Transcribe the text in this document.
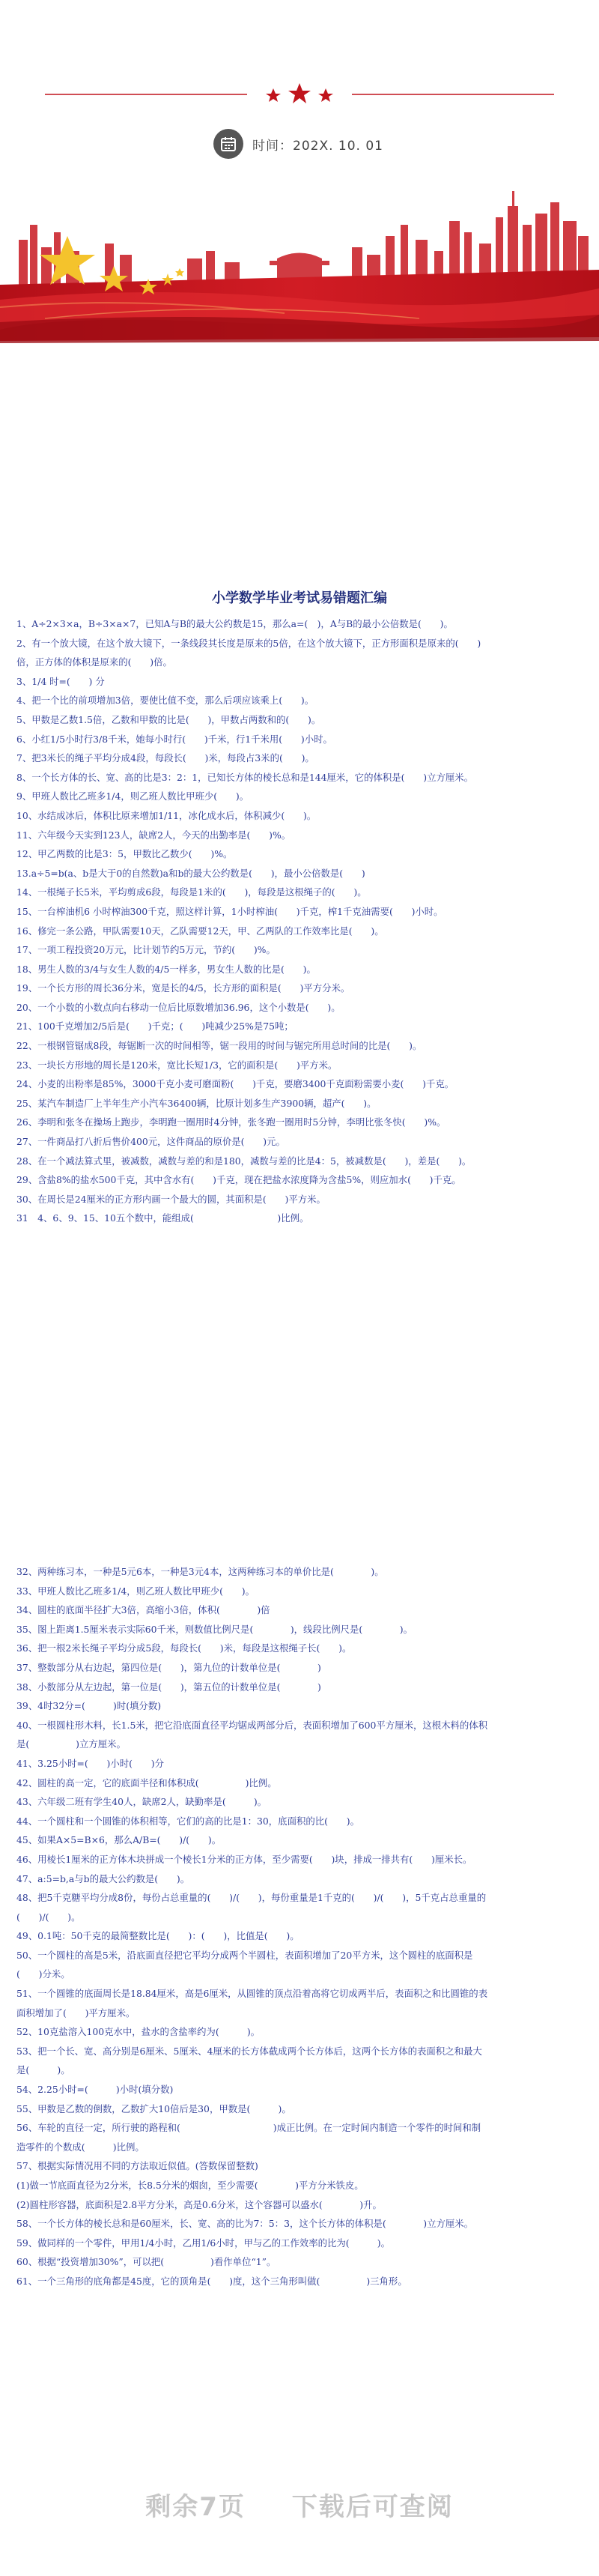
时间：202X. 10. 01
小学数学毕业考试易错题汇编

1、A÷2×3×a，B÷3×a×7，已知A与B的最大公约数是15，那么a=(　)，A与B的最小公倍数是(　　)。

2、有一个放大镜，在这个放大镜下，一条线段其长度是原来的5倍，在这个放大镜下，正方形面积是原来的(　　)倍，正方体的体积是原来的(　　)倍。

3、1/4 时=(　　) 分

4、把一个比的前项增加3倍，要使比值不变，那么后项应该乘上(　　)。

5、甲数是乙数1.5倍，乙数和甲数的比是(　　)，甲数占两数和的(　　)。

6、小红1/5小时行3/8千米，她每小时行(　　)千米，行1千米用(　　)小时。

7、把3米长的绳子平均分成4段，每段长(　　)米，每段占3米的(　　)。

8、一个长方体的长、宽、高的比是3：2：1，已知长方体的棱长总和是144厘米，它的体积是(　　)立方厘米。

9、甲班人数比乙班多1/4，则乙班人数比甲班少(　　)。

10、水结成冰后，体积比原来增加1/11，冰化成水后，体积减少(　　)。

11、六年级今天实到123人，缺席2人，今天的出勤率是(　　)%。

12、甲乙两数的比是3：5，甲数比乙数少(　　)%。

13.a÷5=b(a、b是大于0的自然数)a和b的最大公约数是(　　)，最小公倍数是(　　)

14、一根绳子长5米，平均剪成6段，每段是1米的(　　)，每段是这根绳子的(　　)。

15、一台榨油机6 小时榨油300千克，照这样计算，1小时榨油(　　)千克，榨1千克油需要(　　)小时。

16、修完一条公路，甲队需要10天，乙队需要12天，甲、乙两队的工作效率比是(　　)。

17、一项工程投资20万元，比计划节约5万元，节约(　　)%。

18、男生人数的3/4与女生人数的4/5一样多，男女生人数的比是(　　)。

19、一个长方形的周长36分米，宽是长的4/5，长方形的面积是(　　)平方分米。

20、一个小数的小数点向右移动一位后比原数增加36.96，这个小数是(　　)。

21、100千克增加2/5后是(　　)千克；(　　)吨减少25%是75吨；

22、一根钢管锯成8段，每锯断一次的时间相等，锯一段用的时间与锯完所用总时间的比是(　　)。

23、一块长方形地的周长是120米，宽比长短1/3，它的面积是(　　)平方米。

24、小麦的出粉率是85%，3000千克小麦可磨面粉(　　)千克，要磨3400千克面粉需要小麦(　　)千克。

25、某汽车制造厂上半年生产小汽车36400辆，比原计划多生产3900辆，超产(　　)。

26、李明和张冬在操场上跑步，李明跑一圈用时4分钟，张冬跑一圈用时5分钟，李明比张冬快(　　)%。

27、一件商品打八折后售价400元，这件商品的原价是(　　)元。

28、在一个减法算式里，被减数，减数与差的和是180，减数与差的比是4：5，被减数是(　　)，差是(　　)。

29、含盐8%的盐水500千克，其中含水有(　　)千克，现在把盐水浓度降为含盐5%，则应加水(　　)千克。

30、在周长是24厘米的正方形内画一个最大的圆，其面积是(　　)平方米。

31　4、6、9、15、10五个数中，能组成(　　　　　　　　　)比例。

32、两种练习本，一种是5元6本，一种是3元4本，这两种练习本的单价比是(　　　　)。

33、甲班人数比乙班多1/4，则乙班人数比甲班少(　　)。

34、圆柱的底面半径扩大3倍，高缩小3倍，体积(　　　　)倍

35、图上距离1.5厘米表示实际60千米，则数值比例尺是(　　　　)，线段比例尺是(　　　　)。

36、把一根2米长绳子平均分成5段，每段长(　　)米，每段是这根绳子长(　　)。

37、整数部分从右边起，第四位是(　　)，第九位的计数单位是(　　　　)

38、小数部分从左边起，第一位是(　　)，第五位的计数单位是(　　　　)

39、4时32分=(　　　)时(填分数)

40、一根圆柱形木料，长1.5米，把它沿底面直径平均锯成两部分后，表面积增加了600平方厘米，这根木料的体积是(　　　　　)立方厘米。

41、3.25小时=(　　)小时(　　)分

42、圆柱的高一定，它的底面半径和体积成(　　　　　)比例。

43、六年级二班有学生40人，缺席2人，缺勤率是(　　　)。

44、一个圆柱和一个圆锥的体积相等，它们的高的比是1：30，底面积的比(　　)。

45、如果A×5=B×6，那么A/B=(　　)/(　　)。

46、用棱长1厘米的正方体木块拼成一个棱长1分米的正方体，至少需要(　　)块，排成一排共有(　　)厘米长。

47、a:5=b,a与b的最大公约数是(　　)。

48、把5千克糖平均分成8份，每份占总重量的(　　)/(　　)，每份重量是1千克的(　　)/(　　)，5千克占总重量的(　　)/(　　)。

49、0.1吨：50千克的最简整数比是(　　)：(　　)，比值是(　　)。

50、一个圆柱的高是5米，沿底面直径把它平均分成两个半圆柱，表面积增加了20平方米，这个圆柱的底面积是(　　)分米。

51、一个圆锥的底面周长是18.84厘米，高是6厘米，从圆锥的顶点沿着高将它切成两半后，表面积之和比圆锥的表面积增加了(　　)平方厘米。

52、10克盐溶入100克水中，盐水的含盐率约为(　　　)。

53、把一个长、宽、高分别是6厘米、5厘米、4厘米的长方体截成两个长方体后，这两个长方体的表面积之和最大是(　　　)。

54、2.25小时=(　　　)小时(填分数)

55、甲数是乙数的倒数，乙数扩大10倍后是30，甲数是(　　　)。

56、车轮的直径一定，所行驶的路程和(　　　　　　　　　　)成正比例。在一定时间内制造一个零件的时间和制造零件的个数成(　　　)比例。

57、根据实际情况用不同的方法取近似值。(答数保留整数)

(1)做一节底面直径为2分米，长8.5分米的烟囱，至少需要(　　　　)平方分米铁皮。

(2)圆柱形容器，底面积是2.8平方分米，高是0.6分米，这个容器可以盛水(　　　　)升。

58、一个长方体的棱长总和是60厘米，长、宽、高的比为7：5：3，这个长方体的体积是(　　　　)立方厘米。

59、做同样的一个零件，甲用1/4小时，乙用1/6小时，甲与乙的工作效率的比为(　　　)。

60、根据“投资增加30%”，可以把(　　　　　)看作单位“1”。

61、一个三角形的底角都是45度，它的顶角是(　　)度，这个三角形叫做(　　　　　)三角形。

剩余7页 下载后可查阅
